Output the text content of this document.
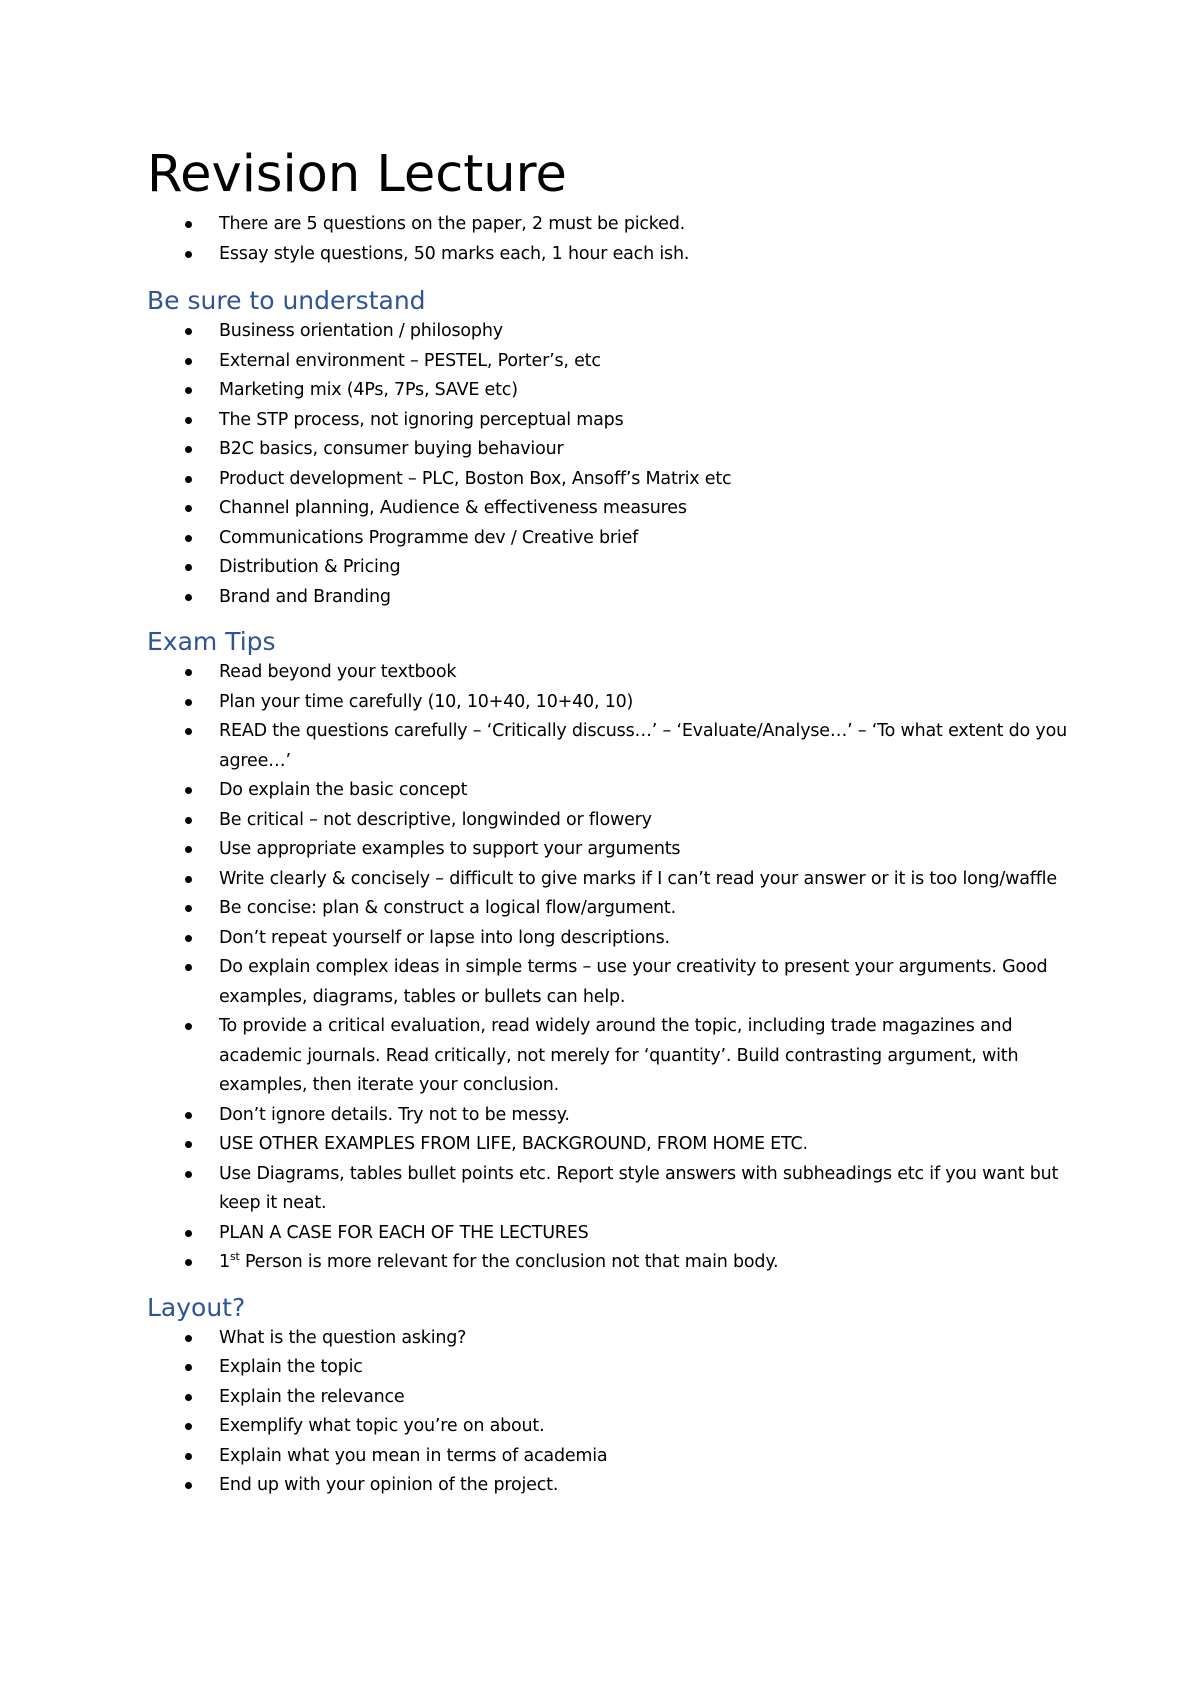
Revision Lecture
There are 5 questions on the paper, 2 must be picked.
Essay style questions, 50 marks each, 1 hour each ish.
Be sure to understand
Business orientation / philosophy
External environment – PESTEL, Porter’s, etc
Marketing mix (4Ps, 7Ps, SAVE etc)
The STP process, not ignoring perceptual maps
B2C basics, consumer buying behaviour
Product development – PLC, Boston Box, Ansoff’s Matrix etc
Channel planning, Audience & effectiveness measures
Communications Programme dev / Creative brief
Distribution & Pricing
Brand and Branding
Exam Tips
Read beyond your textbook
Plan your time carefully (10, 10+40, 10+40, 10)
READ the questions carefully – ‘Critically discuss…’ – ‘Evaluate/Analyse…’ – ‘To what extent do you agree…’
Do explain the basic concept
Be critical – not descriptive, longwinded or flowery
Use appropriate examples to support your arguments
Write clearly & concisely – difficult to give marks if I can’t read your answer or it is too long/waffle
Be concise: plan & construct a logical flow/argument.
Don’t repeat yourself or lapse into long descriptions.
Do explain complex ideas in simple terms – use your creativity to present your arguments. Good examples, diagrams, tables or bullets can help.
To provide a critical evaluation, read widely around the topic, including trade magazines and academic journals. Read critically, not merely for ‘quantity’. Build contrasting argument, with examples, then iterate your conclusion.
Don’t ignore details. Try not to be messy.
USE OTHER EXAMPLES FROM LIFE, BACKGROUND, FROM HOME ETC.
Use Diagrams, tables bullet points etc. Report style answers with subheadings etc if you want but keep it neat.
PLAN A CASE FOR EACH OF THE LECTURES
1st Person is more relevant for the conclusion not that main body.
Layout?
What is the question asking?
Explain the topic
Explain the relevance
Exemplify what topic you’re on about.
Explain what you mean in terms of academia
End up with your opinion of the project.
